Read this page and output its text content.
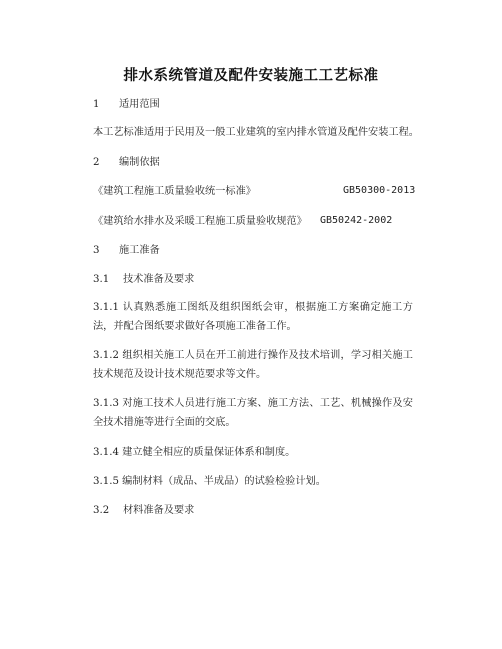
排水系统管道及配件安装施工工艺标准
1 适用范围
本工艺标准适用于民用及一般工业建筑的室内排水管道及配件安装工程。
2 编制依据
《建筑工程施工质量验收统一标准》	GB50300-2013
《建筑给水排水及采暖工程施工质量验收规范》 GB50242-2002
3 施工准备
3.1 技术准备及要求
3.1.1 认真熟悉施工图纸及组织图纸会审，根据施工方案确定施工方法，并配合图纸要求做好各项施工准备工作。
3.1.2 组织相关施工人员在开工前进行操作及技术培训，学习相关施工技术规范及设计技术规范要求等文件。
3.1.3 对施工技术人员进行施工方案、施工方法、工艺、机械操作及安全技术措施等进行全面的交底。
3.1.4 建立健全相应的质量保证体系和制度。
3.1.5 编制材料（成品、半成品）的试验检验计划。
3.2 材料准备及要求
